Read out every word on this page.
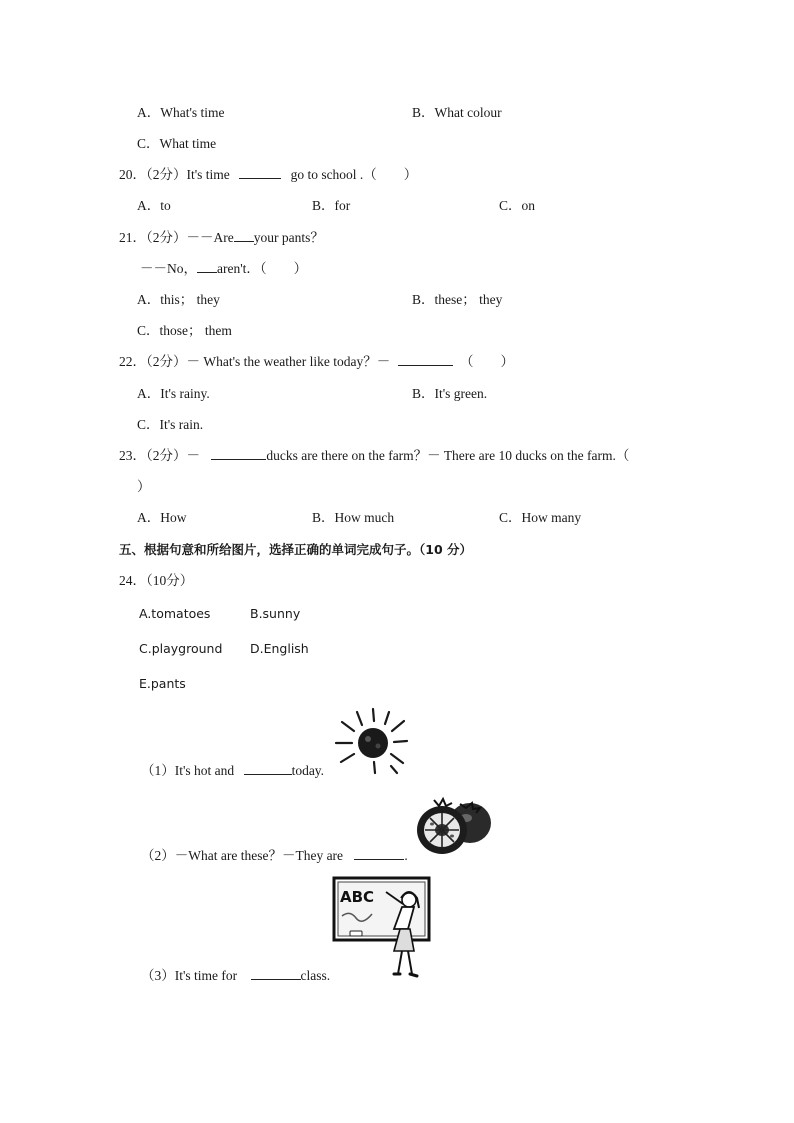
A．What's time	B．What colour
C．What time
20．（2分）It's time	go to school .（　　）
A．to	B．for	C．on
21．（2分）－－Are your pants？
－－No， aren't．（　　）
A．this； they	B．these； they
C．those； them
22．（2分）－ What's the weather like today？－	（　　）
A．It's rainy.	B．It's green.
C．It's rain.
23．（2分）－	ducks are there on the farm？－ There are 10 ducks on the farm.（
）
A．How	B．How much	C．How many
五、根据句意和所给图片，选择正确的单词完成句子。（10 分）
24．（10分）
A.tomatoes	B.sunny
C.playground D.English
E.pants
（1）It's hot and	today.
（2）－What are these？－They are	.
ABC
（3）It's time for	class.
